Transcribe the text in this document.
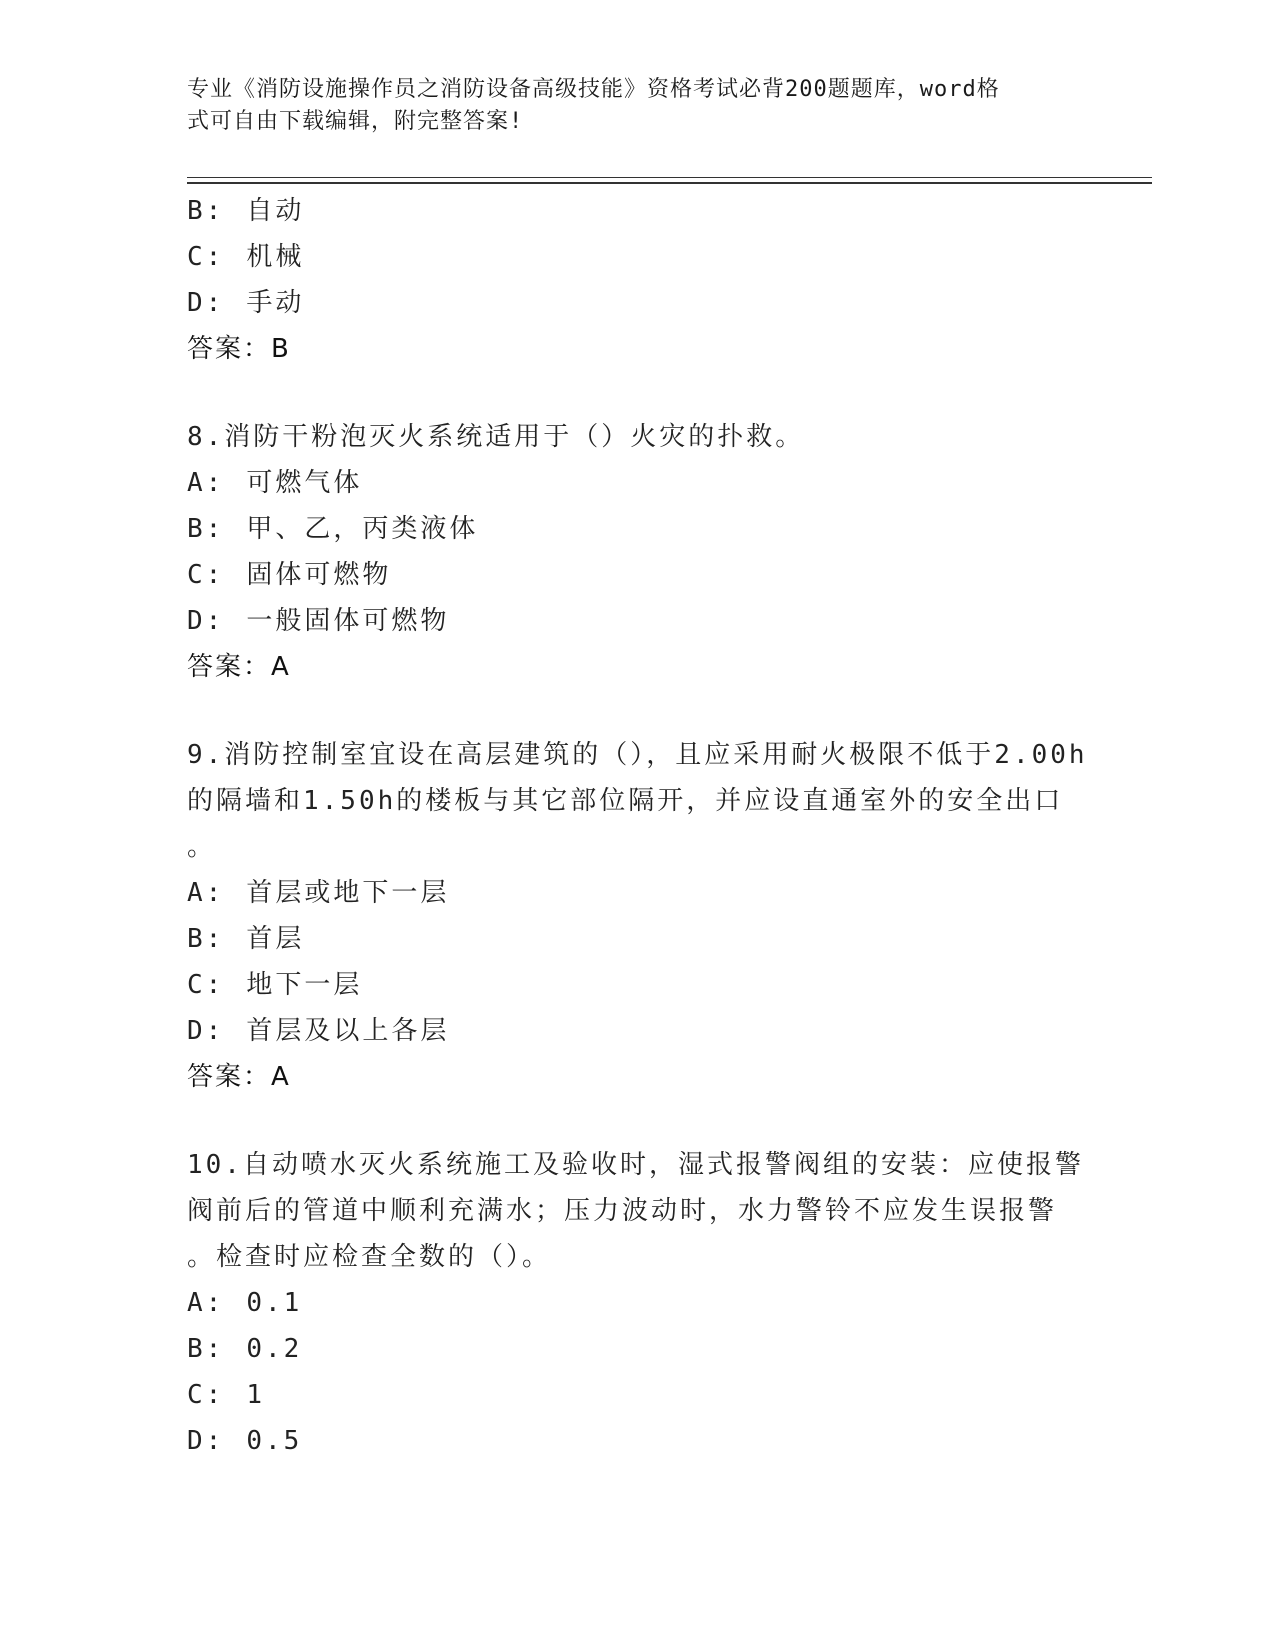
专业《消防设施操作员之消防设备高级技能》资格考试必背200题题库，word格
式可自由下载编辑，附完整答案!
B: 自动
C: 机械
D: 手动
答案：B
8.消防干粉泡灭火系统适用于（）火灾的扑救。
A: 可燃气体
B: 甲、乙，丙类液体
C: 固体可燃物
D: 一般固体可燃物
答案：A
9.消防控制室宜设在高层建筑的（），且应采用耐火极限不低于2.00h
的隔墙和1.50h的楼板与其它部位隔开，并应设直通室外的安全出口
。
A: 首层或地下一层
B: 首层
C: 地下一层
D: 首层及以上各层
答案：A
10.自动喷水灭火系统施工及验收时，湿式报警阀组的安装：应使报警
阀前后的管道中顺利充满水；压力波动时，水力警铃不应发生误报警
。检查时应检查全数的（）。
A: 0.1
B: 0.2
C: 1
D: 0.5
